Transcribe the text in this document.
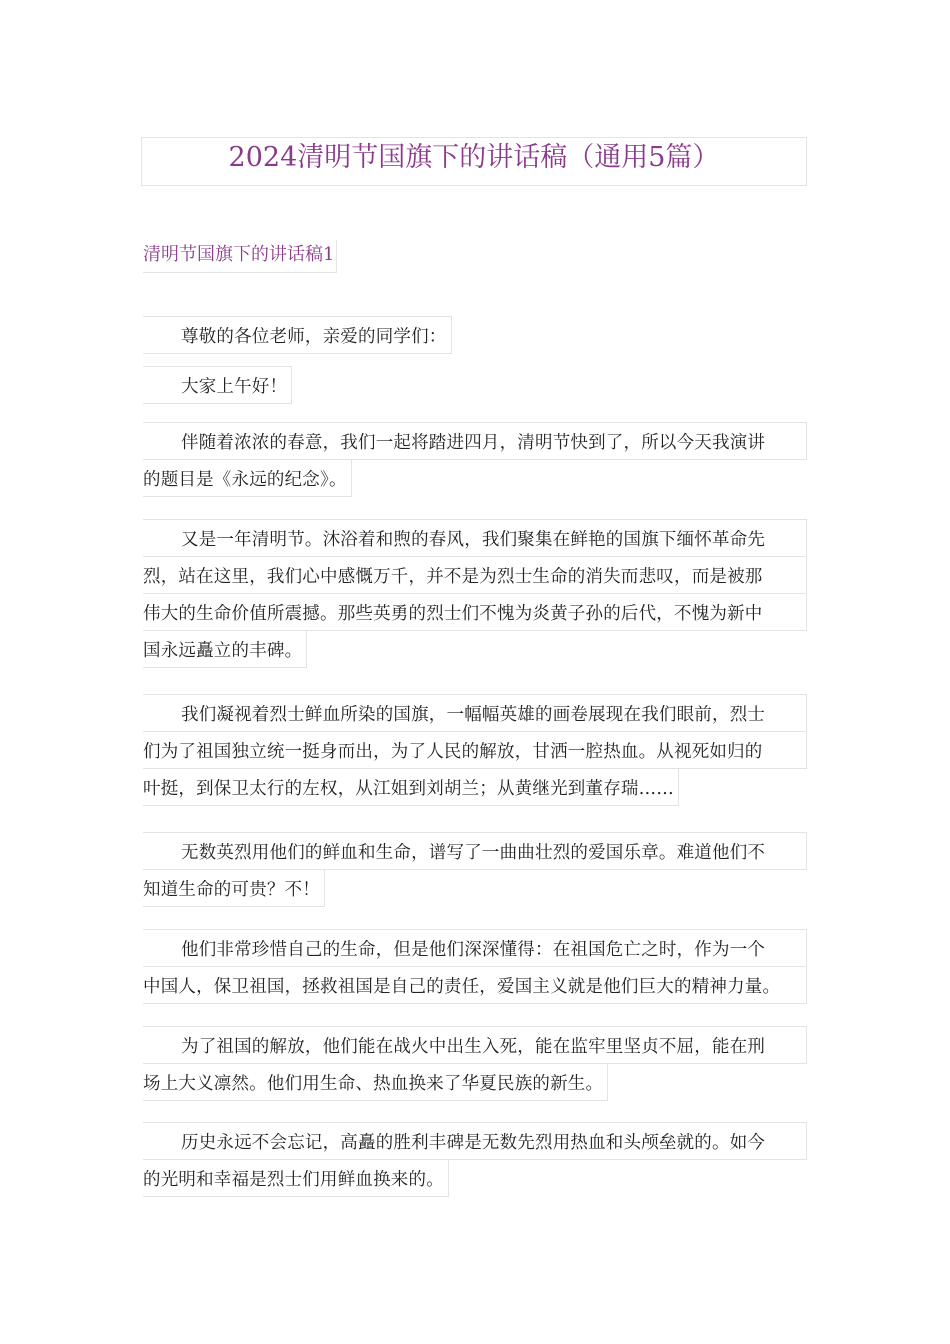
2024清明节国旗下的讲话稿（通用5篇）
清明节国旗下的讲话稿1
尊敬的各位老师，亲爱的同学们：
大家上午好！
伴随着浓浓的春意，我们一起将踏进四月，清明节快到了，所以今天我演讲
的题目是《永远的纪念》。
又是一年清明节。沐浴着和煦的春风，我们聚集在鲜艳的国旗下缅怀革命先
烈，站在这里，我们心中感慨万千，并不是为烈士生命的消失而悲叹，而是被那
伟大的生命价值所震撼。那些英勇的烈士们不愧为炎黄子孙的后代，不愧为新中
国永远矗立的丰碑。
我们凝视着烈士鲜血所染的国旗，一幅幅英雄的画卷展现在我们眼前，烈士
们为了祖国独立统一挺身而出，为了人民的解放，甘洒一腔热血。从视死如归的
叶挺，到保卫太行的左权，从江姐到刘胡兰；从黄继光到董存瑞……
无数英烈用他们的鲜血和生命，谱写了一曲曲壮烈的爱国乐章。难道他们不
知道生命的可贵？不！
他们非常珍惜自己的生命，但是他们深深懂得：在祖国危亡之时，作为一个
中国人，保卫祖国，拯救祖国是自己的责任，爱国主义就是他们巨大的精神力量。
为了祖国的解放，他们能在战火中出生入死，能在监牢里坚贞不屈，能在刑
场上大义凛然。他们用生命、热血换来了华夏民族的新生。
历史永远不会忘记，高矗的胜利丰碑是无数先烈用热血和头颅垒就的。如今
的光明和幸福是烈士们用鲜血换来的。
